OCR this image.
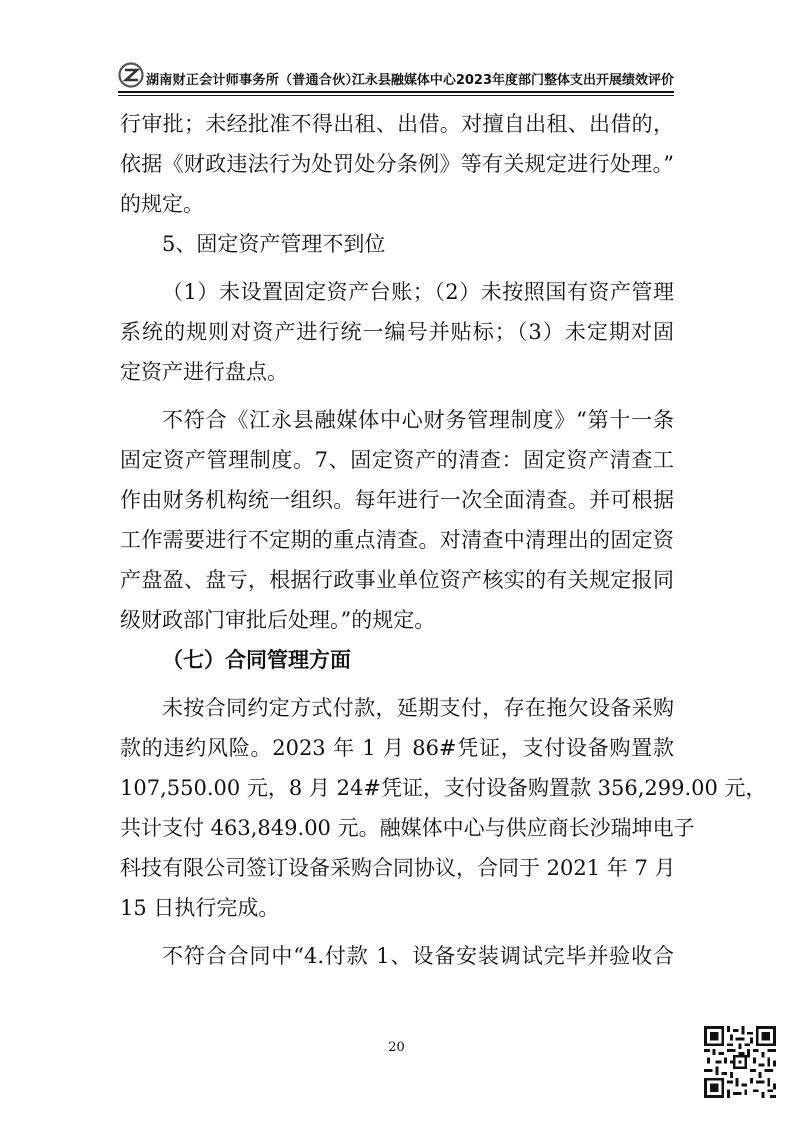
湖南财正会计师事务所（普通合伙）
江永县融媒体中心2023年度部门整体支出开展绩效评价
行审批；未经批准不得出租、出借。对擅自出租、出借的，
依据《财政违法行为处罚处分条例》等有关规定进行处理。”
的规定。
5、固定资产管理不到位
（1）未设置固定资产台账；（2）未按照国有资产管理
系统的规则对资产进行统一编号并贴标；（3）未定期对固
定资产进行盘点。
不符合《江永县融媒体中心财务管理制度》“第十一条
固定资产管理制度。7、固定资产的清查：固定资产清查工
作由财务机构统一组织。每年进行一次全面清查。并可根据
工作需要进行不定期的重点清查。对清查中清理出的固定资
产盘盈、盘亏，根据行政事业单位资产核实的有关规定报同
级财政部门审批后处理。”的规定。
（七）合同管理方面
未按合同约定方式付款，延期支付，存在拖欠设备采购
款的违约风险。2023 年 1 月 86#凭证，支付设备购置款
107,550.00 元，8 月 24#凭证，支付设备购置款 356,299.00 元，
共计支付 463,849.00 元。融媒体中心与供应商长沙瑞坤电子
科技有限公司签订设备采购合同协议，合同于 2021 年 7 月
15 日执行完成。
不符合合同中“4.付款 1、设备安装调试完毕并验收合
20
